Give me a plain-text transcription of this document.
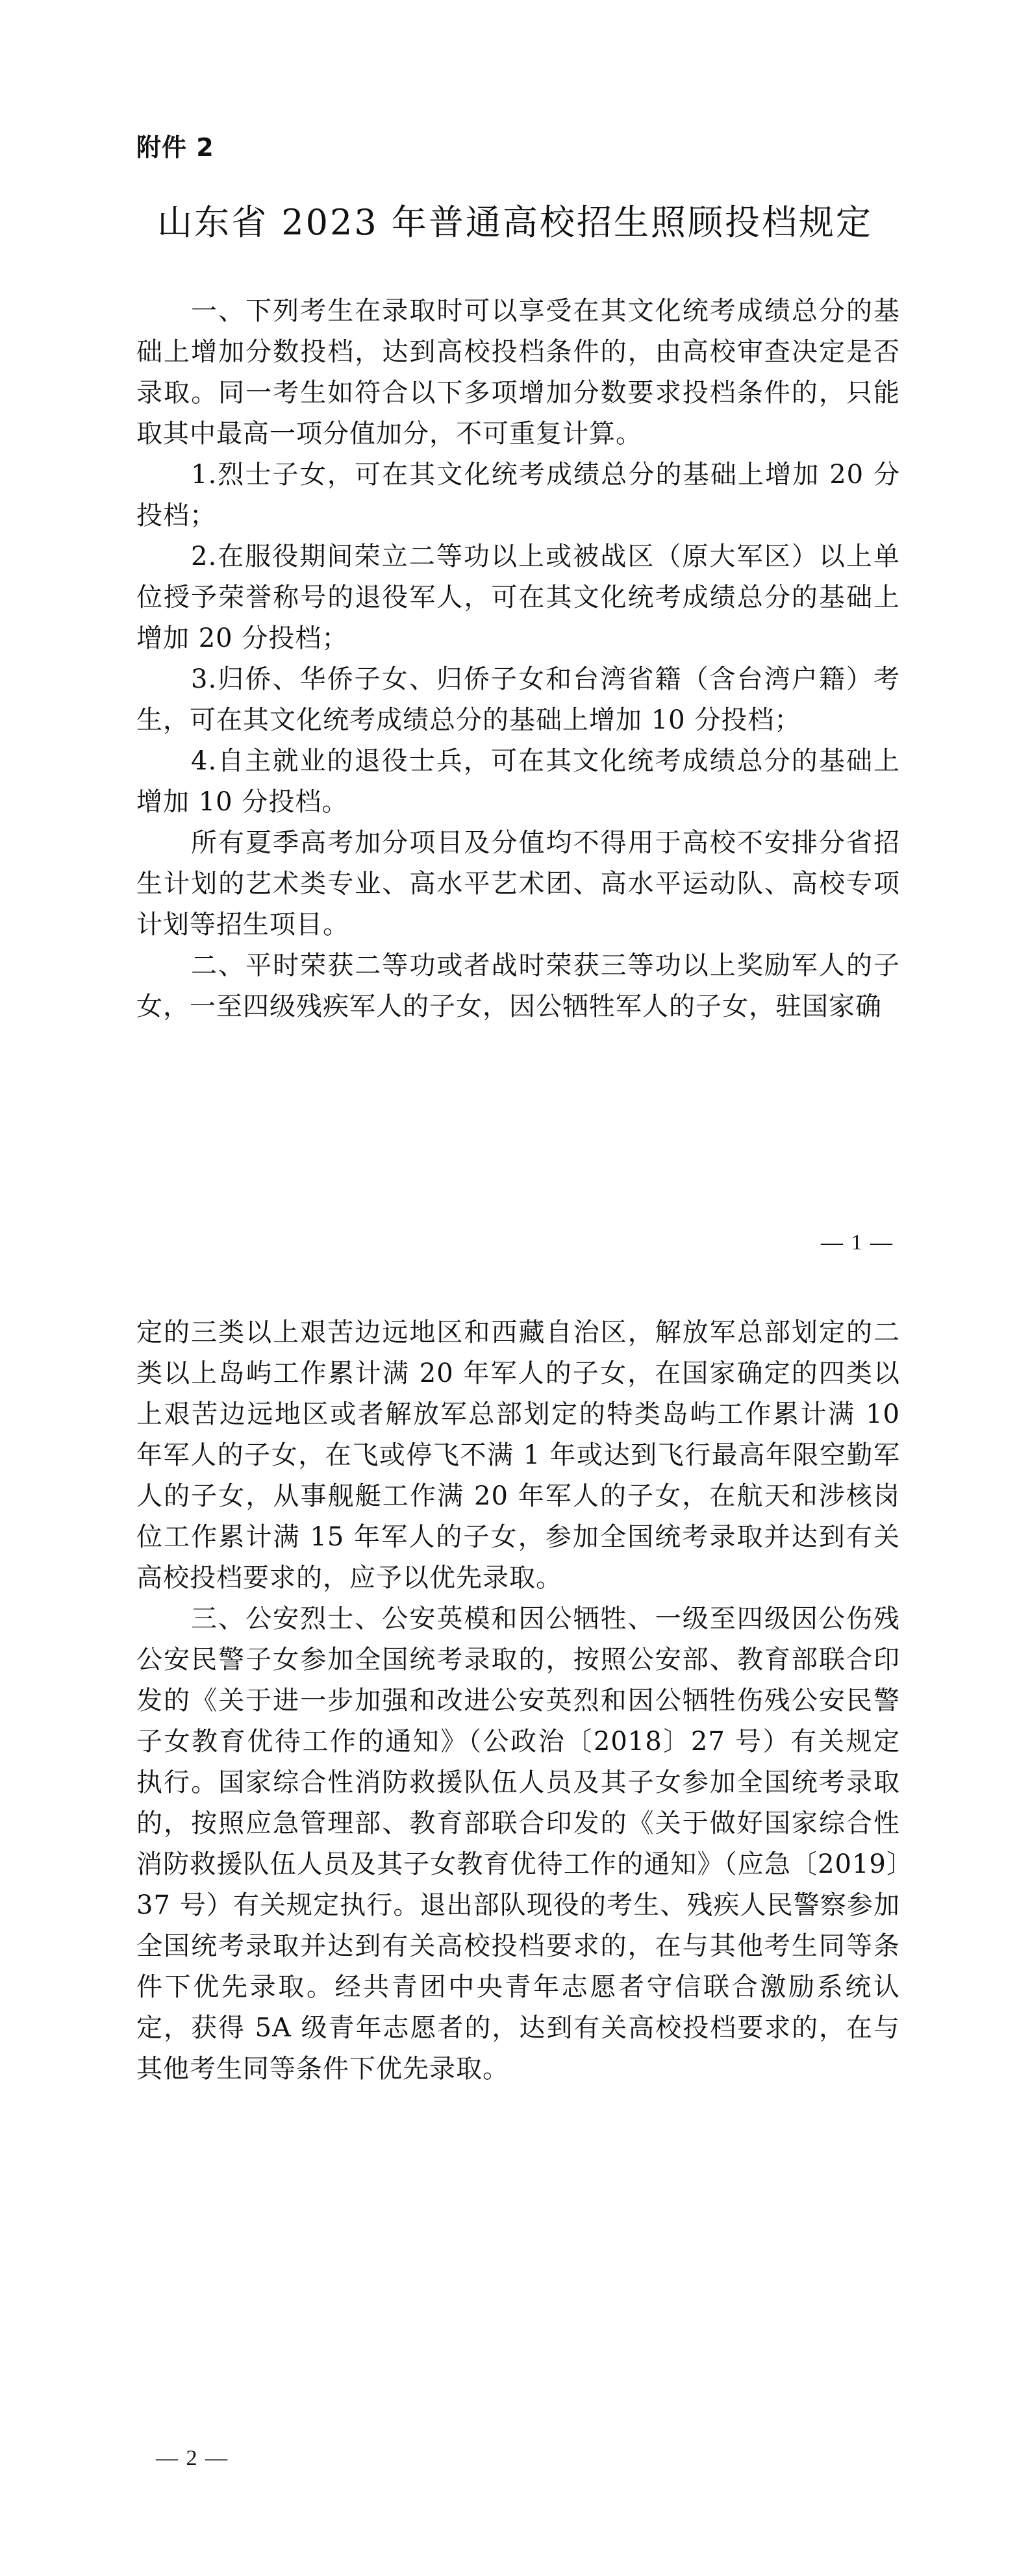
附件 2
山东省 2023 年普通高校招生照顾投档规定

一、下列考生在录取时可以享受在其文化统考成绩总分的基础上增加分数投档，达到高校投档条件的，由高校审查决定是否录取。同一考生如符合以下多项增加分数要求投档条件的，只能取其中最高一项分值加分，不可重复计算。

1.烈士子女，可在其文化统考成绩总分的基础上增加 20 分投档；

2.在服役期间荣立二等功以上或被战区（原大军区）以上单位授予荣誉称号的退役军人，可在其文化统考成绩总分的基础上增加 20 分投档；

3.归侨、华侨子女、归侨子女和台湾省籍（含台湾户籍）考生，可在其文化统考成绩总分的基础上增加 10 分投档；

4.自主就业的退役士兵，可在其文化统考成绩总分的基础上增加 10 分投档。

所有夏季高考加分项目及分值均不得用于高校不安排分省招生计划的艺术类专业、高水平艺术团、高水平运动队、高校专项计划等招生项目。

二、平时荣获二等功或者战时荣获三等功以上奖励军人的子女，一至四级残疾军人的子女，因公牺牲军人的子女，驻国家确

— 1 —

定的三类以上艰苦边远地区和西藏自治区，解放军总部划定的二类以上岛屿工作累计满 20 年军人的子女，在国家确定的四类以上艰苦边远地区或者解放军总部划定的特类岛屿工作累计满 10 年军人的子女，在飞或停飞不满 1 年或达到飞行最高年限空勤军人的子女，从事舰艇工作满 20 年军人的子女，在航天和涉核岗位工作累计满 15 年军人的子女，参加全国统考录取并达到有关高校投档要求的，应予以优先录取。

三、公安烈士、公安英模和因公牺牲、一级至四级因公伤残公安民警子女参加全国统考录取的，按照公安部、教育部联合印发的《关于进一步加强和改进公安英烈和因公牺牲伤残公安民警子女教育优待工作的通知》（公政治〔2018〕27 号）有关规定执行。国家综合性消防救援队伍人员及其子女参加全国统考录取的，按照应急管理部、教育部联合印发的《关于做好国家综合性消防救援队伍人员及其子女教育优待工作的通知》（应急〔2019〕37 号）有关规定执行。退出部队现役的考生、残疾人民警察参加全国统考录取并达到有关高校投档要求的，在与其他考生同等条件下优先录取。经共青团中央青年志愿者守信联合激励系统认定，获得 5A 级青年志愿者的，达到有关高校投档要求的，在与其他考生同等条件下优先录取。

— 2 —
